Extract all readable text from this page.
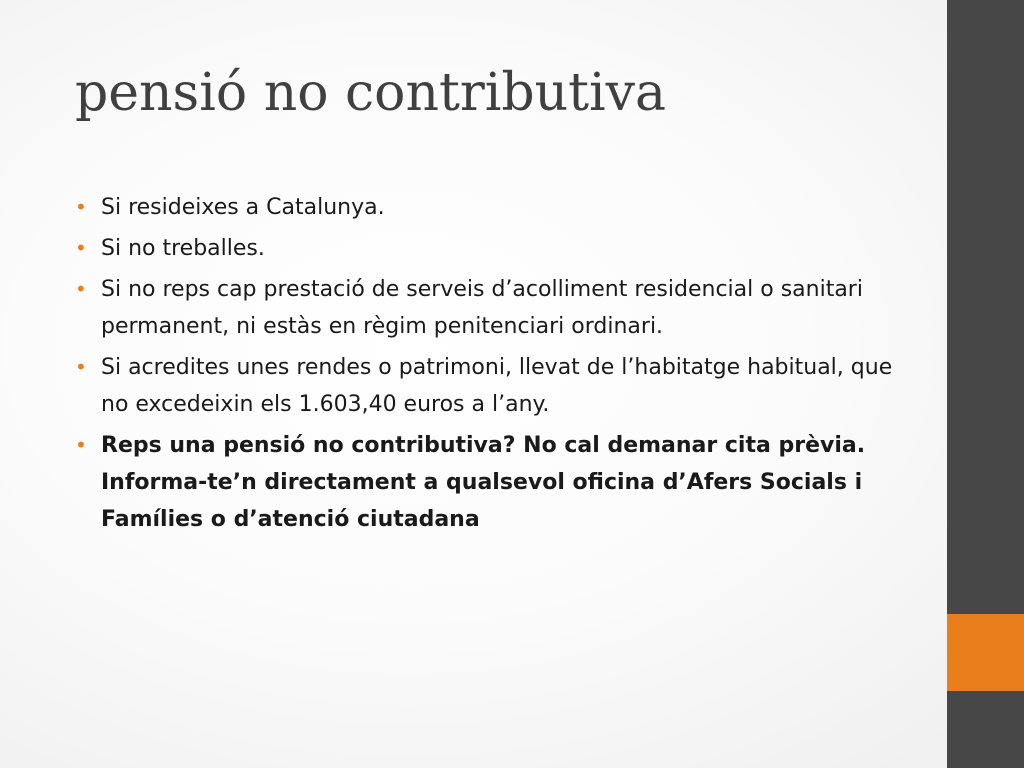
pensió no contributiva
• Si resideixes a Catalunya.
• Si no treballes.
• Si no reps cap prestació de serveis d’acolliment residencial o sanitari permanent, ni estàs en règim penitenciari ordinari.
• Si acredites unes rendes o patrimoni, llevat de l’habitatge habitual, que no excedeixin els 1.603,40 euros a l’any.
• Reps una pensió no contributiva? No cal demanar cita prèvia. Informa-te’n directament a qualsevol oficina d’Afers Socials i Famílies o d’atenció ciutadana
